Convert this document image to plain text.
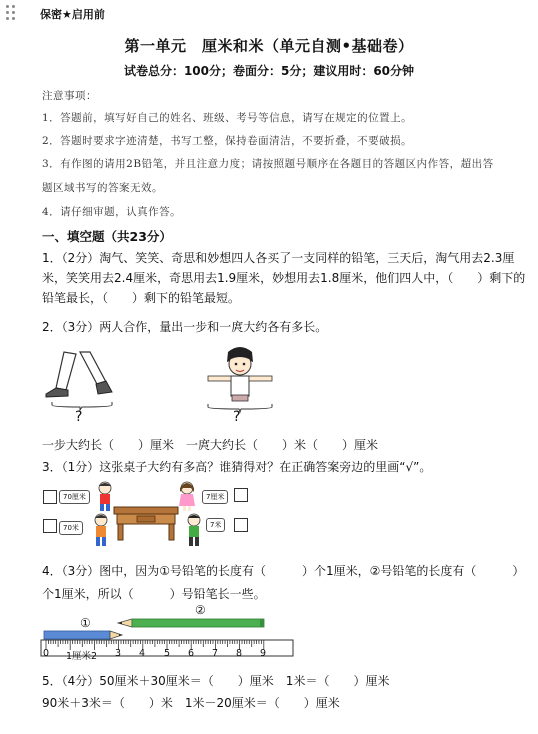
保密★启用前
第一单元　厘米和米（单元自测•基础卷）
试卷总分：100分；卷面分：5分；建议用时：60分钟
注意事项：
1．答题前，填写好自己的姓名、班级、考号等信息，请写在规定的位置上。
2．答题时要求字迹清楚，书写工整，保持卷面清洁，不要折叠，不要破损。
3．有作图的请用2B铅笔，并且注意力度；请按照题号顺序在各题目的答题区内作答，超出答
题区域书写的答案无效。
4．请仔细审题，认真作答。
一、填空题（共23分）
1．（2分）淘气、笑笑、奇思和妙想四人各买了一支同样的铅笔，三天后，淘气用去2.3厘
米，笑笑用去2.4厘米，奇思用去1.9厘米，妙想用去1.8厘米，他们四人中，（　　）剩下的
铅笔最长，（　　）剩下的铅笔最短。
2．（3分）两人合作，量出一步和一庹大约各有多长。
?	?
一步大约长（　　）厘米　一庹大约长（　　）米（　　）厘米
3．（1分）这张桌子大约有多高？谁猜得对？在正确答案旁边的里画“√”。
70厘米	7厘米
70米	7米
4．（3分）图中，因为①号铅笔的长度有（　　　）个1厘米，②号铅笔的长度有（　　　）
个1厘米，所以（　　　）号铅笔长一些。
①
②
0 1厘米2 3 4 5 6 7 8 9
5．（4分）50厘米＋30厘米＝（　　）厘米　1米＝（　　）厘米
90米＋3米＝（　　）米　1米－20厘米＝（　　）厘米
